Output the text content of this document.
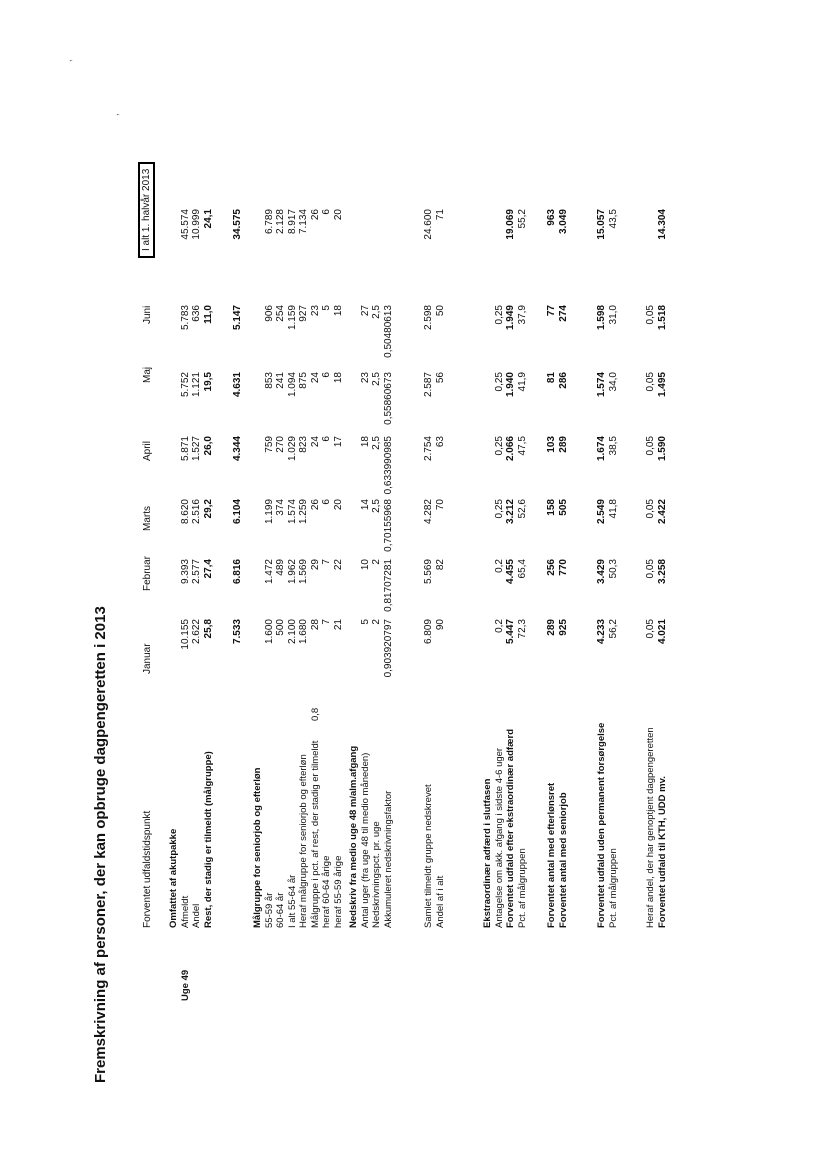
Fremskrivning af personer, der kan opbruge dagpengeretten i 2013	Forventet udfaldstidspunkt
Januar
Februar
Marts
April
Maj
Juni
I alt 1. halvår 2013
Uge 49
0,8
,
,
Omfattet af akutpakke Afmeldt
10.155
9.393
8.620
5.871
5.752
5.783
45.574
Andel
2.622
2.577
2.516
1.527
1.121
636
10.999
Rest, der stadig er tilmeldt (målgruppe)
25,8
27,4
29,2
26,0
19,5
11,0
24,1
7.533
6.816
6.104
4.344
4.631
5.147
34.575
Målgruppe for seniorjob og efterløn 55-59 år
1.600
1.472
1.199
759
853
906
6.789
60-64 år
500
489
374
270
241
254
2.128
I alt 55-64 år
2.100
1.962
1.574
1.029
1.094
1.159
8.917
Heraf målgruppe for seniorjob og efterløn
1.680
1.569
1.259
823
875
927
7.134
Målgruppe i pct. af rest, der stadig er tilmeldt
28
29
26
24
24
23
26
heraf 60-64 årige
7
7
6
6
6
5
6
heraf 55-59 årige
21
22
20
17
18
18
20
Nedskriv fra medio uge 48 m/alm.afgang Antal uger (fra uge 48 til medio måneden)
5
10
14
18
23
27
Nedskrivningspct. pr. uge
2
2
2,5
2,5
2,5
2,5
Akkumuleret nedskrivningsfaktor
0,903920797
0,81707281
0,70155968
0,633990985
0,55860673
0,50480613
Samlet tilmeldt gruppe nedskrevet
6.809
5.569
4.282
2.754
2.587
2.598
24.600
Andel af i alt
90
82
70
63
56
50
71
Ekstraordinær adfærd i slutfasen Antagelse om akk. afgang i sidste 4-6 uger
0,2
0,2
0,25
0,25
0,25
0,25
Forventet udfald efter ekstraordinær adfærd
5.447
4.455
3.212
2.066
1.940
1.949
19.069
Pct. af målgruppen
72,3
65,4
52,6
47,5
41,9
37,9
55,2
Forventet antal med efterlønsret
289
256
158
103
81
77
963
Forventet antal med seniorjob
925
770
505
289
286
274
3.049
Forventet udfald uden permanent forsørgelse
4.233
3.429
2.549
1.674
1.574
1.598
15.057
Pct. af målgruppen
56,2
50,3
41,8
38,5
34,0
31,0
43,5
Heraf andel, der har genoptjent dagpengeretten
0,05
0,05
0,05
0,05
0,05
0,05
Forventet udfald til KTH, UDD mv.
4.021
3.258
2.422
1.590
1.495
1.518
14.304
